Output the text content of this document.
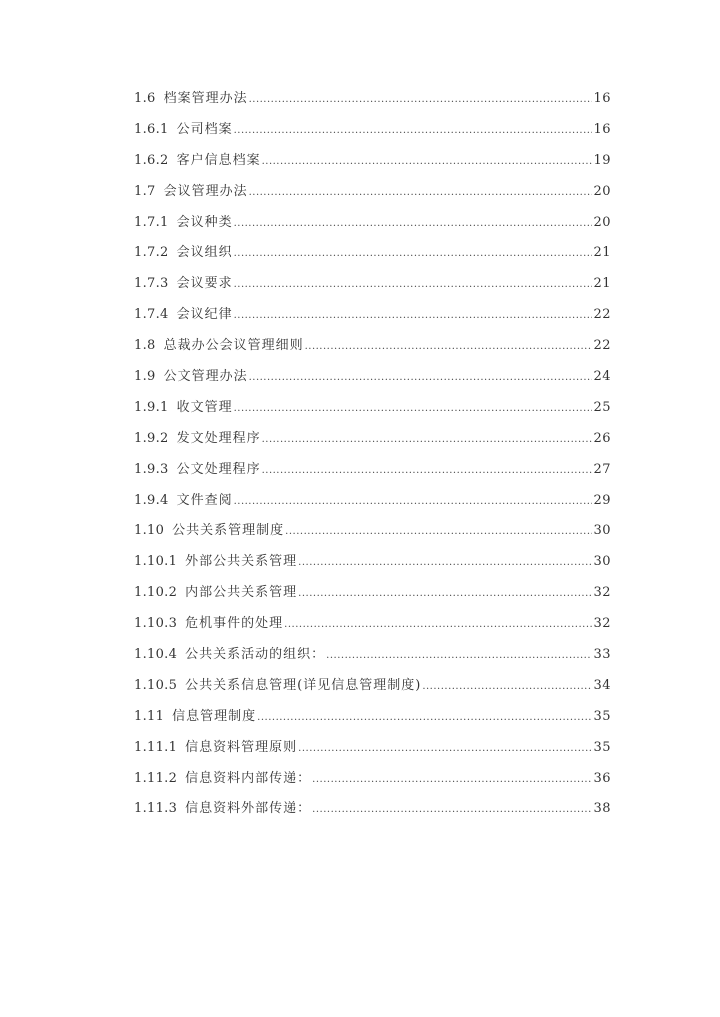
1.6 档案管理办法 .....	16
1.6.1 公司档案 .....	16
1.6.2 客户信息档案 .....	19
1.7 会议管理办法 .....	20
1.7.1 会议种类 .....	20
1.7.2 会议组织 .....	21
1.7.3 会议要求 .....	21
1.7.4 会议纪律 .....	22
1.8 总裁办公会议管理细则 .....	22
1.9 公文管理办法 .....	24
1.9.1 收文管理 .....	25
1.9.2 发文处理程序 .....	26
1.9.3 公文处理程序 .....	27
1.9.4 文件查阅 .....	29
1.10 公共关系管理制度 .....	30
1.10.1 外部公共关系管理 .....	30
1.10.2 内部公共关系管理 .....	32
1.10.3 危机事件的处理 .....	32
1.10.4 公共关系活动的组织： .....	33
1.10.5 公共关系信息管理(详见信息管理制度) .....	34
1.11 信息管理制度 .....	35
1.11.1 信息资料管理原则 .....	35
1.11.2 信息资料内部传递： .....	36
1.11.3 信息资料外部传递： .....	38
